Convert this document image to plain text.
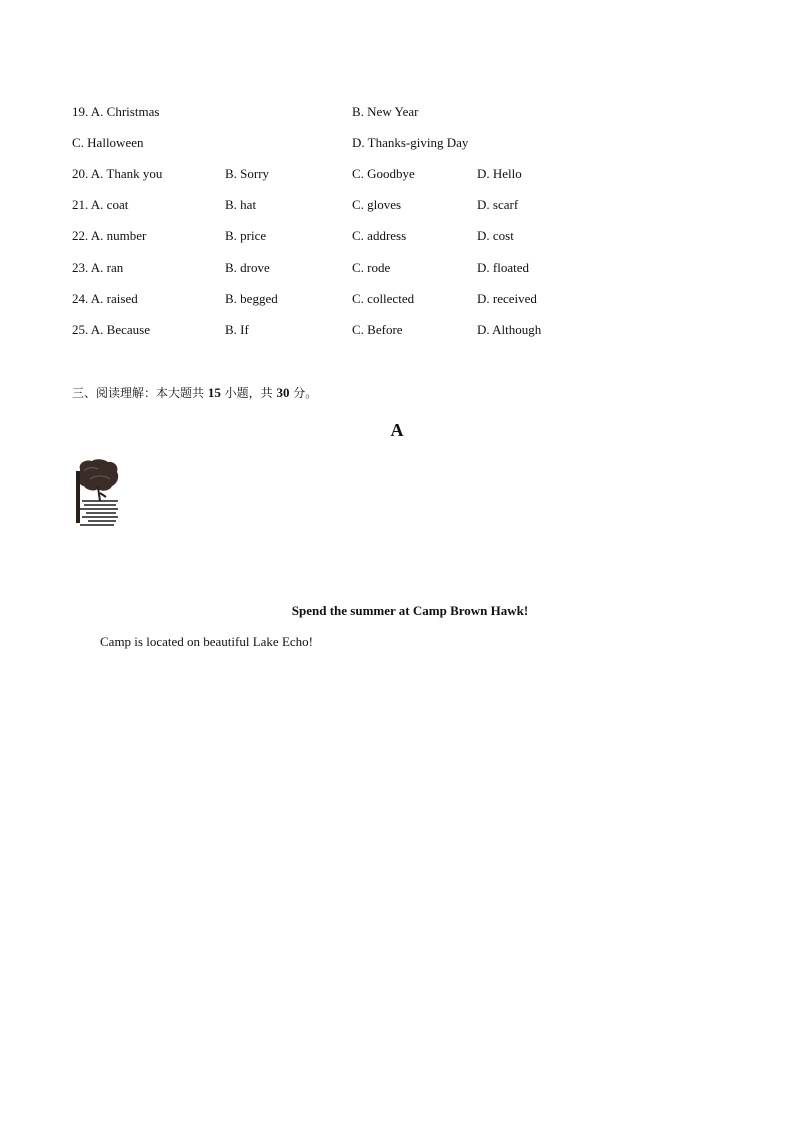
19. A. Christmas	B. New Year
C. Halloween	D. Thanks-giving Day
20. A. Thank you	B. Sorry	C. Goodbye	D. Hello
21. A. coat	B. hat	C. gloves	D. scarf
22. A. number	B. price	C. address	D. cost
23. A. ran	B. drove	C. rode	D. floated
24. A. raised	B. begged	C. collected	D. received
25. A. Because	B. If	C. Before	D. Although
三、阅读理解：本大题共 15 小题，共 30 分。
A
Spend the summer at Camp Brown Hawk!
Camp is located on beautiful Lake Echo!
